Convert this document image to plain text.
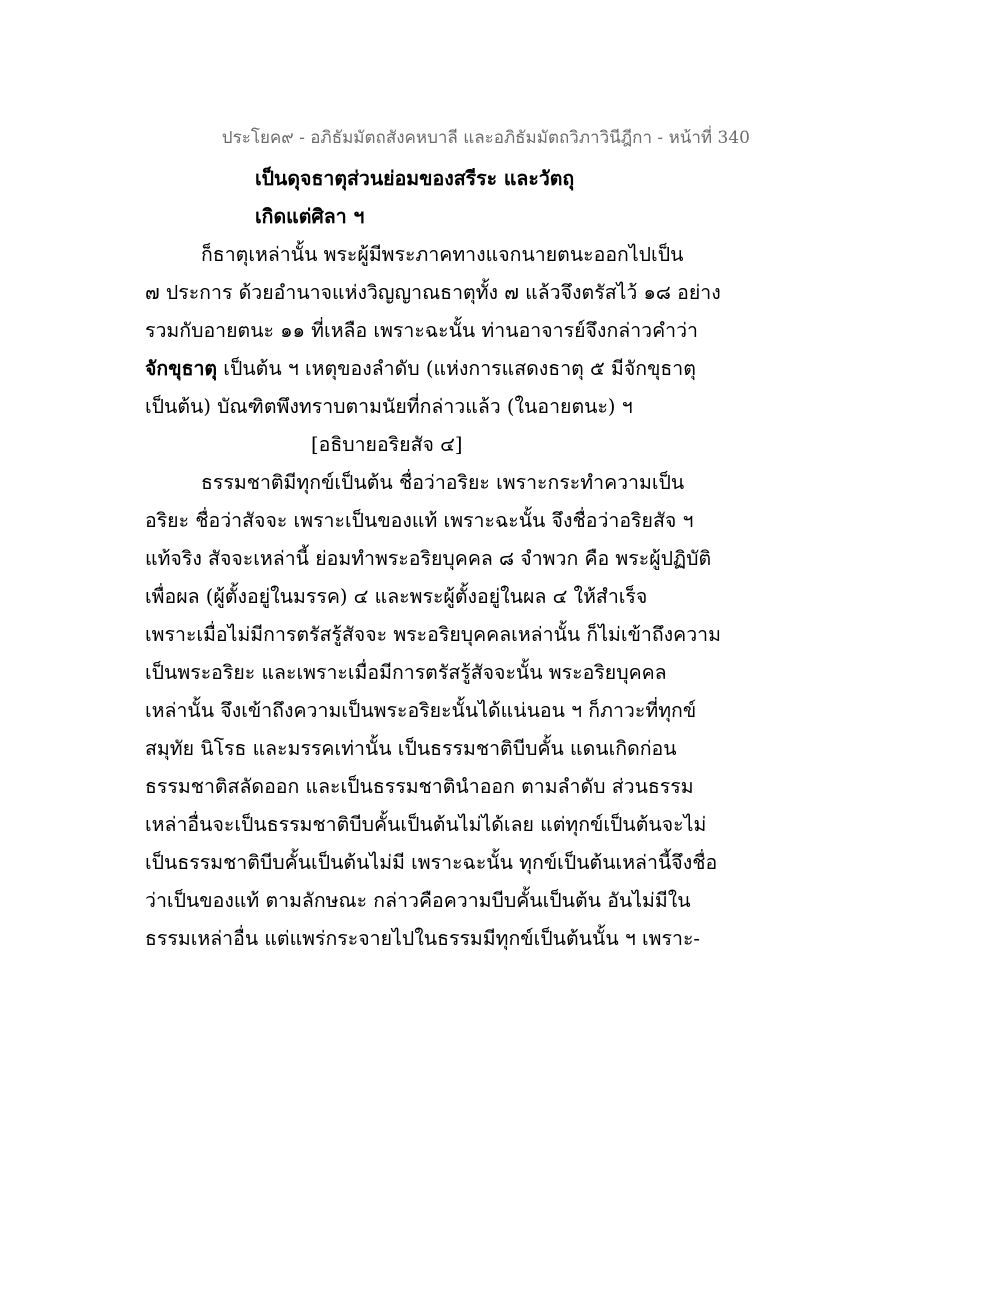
ประโยค๙ - อภิธัมมัตถสังคหบาลี และอภิธัมมัตถวิภาวินีฎีกา - หน้าที่ 340
เป็นดุจธาตุส่วนย่อมของสรีระ และวัตถุ
เกิดแต่ศิลา ฯ
ก็ธาตุเหล่านั้น พระผู้มีพระภาคทางแจกนายตนะออกไปเป็น
๗ ประการ ด้วยอำนาจแห่งวิญญาณธาตุทั้ง ๗ แล้วจึงตรัสไว้ ๑๘ อย่าง
รวมกับอายตนะ ๑๑ ที่เหลือ เพราะฉะนั้น ท่านอาจารย์จึงกล่าวคำว่า
จักขุธาตุ เป็นต้น ฯ เหตุของลำดับ (แห่งการแสดงธาตุ ๕ มีจักขุธาตุ
เป็นต้น) บัณฑิตพึงทราบตามนัยที่กล่าวแล้ว (ในอายตนะ) ฯ
[อธิบายอริยสัจ ๔]
ธรรมชาติมีทุกข์เป็นต้น ชื่อว่าอริยะ เพราะกระทำความเป็น
อริยะ ชื่อว่าสัจจะ เพราะเป็นของแท้ เพราะฉะนั้น จึงชื่อว่าอริยสัจ ฯ
แท้จริง สัจจะเหล่านี้ ย่อมทำพระอริยบุคคล ๘ จำพวก คือ พระผู้ปฏิบัติ
เพื่อผล (ผู้ตั้งอยู่ในมรรค) ๔ และพระผู้ตั้งอยู่ในผล ๔ ให้สำเร็จ
เพราะเมื่อไม่มีการตรัสรู้สัจจะ พระอริยบุคคลเหล่านั้น ก็ไม่เข้าถึงความ
เป็นพระอริยะ และเพราะเมื่อมีการตรัสรู้สัจจะนั้น พระอริยบุคคล
เหล่านั้น จึงเข้าถึงความเป็นพระอริยะนั้นได้แน่นอน ฯ ก็ภาวะที่ทุกข์
สมุทัย นิโรธ และมรรคเท่านั้น เป็นธรรมชาติบีบคั้น แดนเกิดก่อน
ธรรมชาติสลัดออก และเป็นธรรมชาตินำออก ตามลำดับ ส่วนธรรม
เหล่าอื่นจะเป็นธรรมชาติบีบคั้นเป็นต้นไม่ได้เลย แต่ทุกข์เป็นต้นจะไม่
เป็นธรรมชาติบีบคั้นเป็นต้นไม่มี เพราะฉะนั้น ทุกข์เป็นต้นเหล่านี้จึงชื่อ
ว่าเป็นของแท้ ตามลักษณะ กล่าวคือความบีบคั้นเป็นต้น อันไม่มีใน
ธรรมเหล่าอื่น แต่แพร่กระจายไปในธรรมมีทุกข์เป็นต้นนั้น ฯ เพราะ-
